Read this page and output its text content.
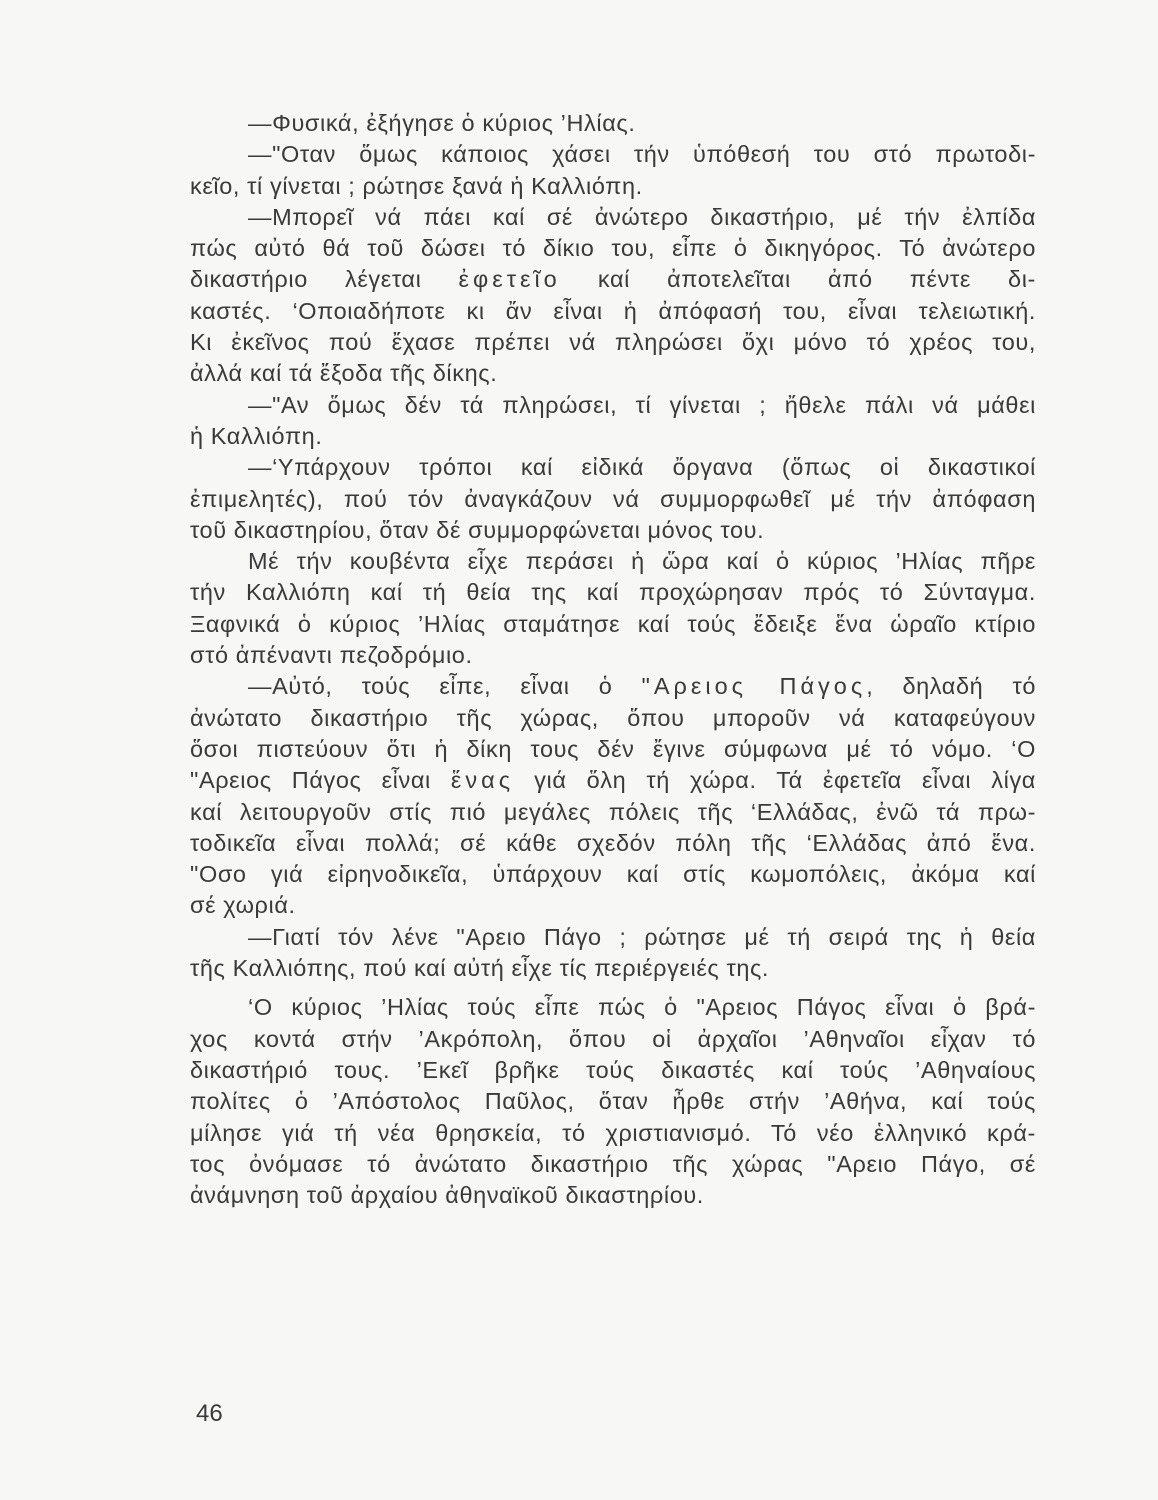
—Φυσικά, ἐξήγησε ὁ κύριος ’Ηλίας.
—"Οταν ὅμως κάποιος χάσει τήν ὑπόθεσή του στό πρωτοδι-
κεῖο, τί γίνεται ; ρώτησε ξανά ἡ Καλλιόπη.
—Μπορεῖ νά πάει καί σέ ἀνώτερο δικαστήριο, μέ τήν ἐλπίδα
πώς αὐτό θά τοῦ δώσει τό δίκιο του, εἶπε ὁ δικηγόρος. Τό ἀνώτερο
δικαστήριο λέγεται ἐφετεῖο καί ἀποτελεῖται ἀπό πέντε δι-
καστές. ‘Οποιαδήποτε κι ἄν εἶναι ἡ ἀπόφασή του, εἶναι τελειωτική.
Κι ἐκεῖνος πού ἔχασε πρέπει νά πληρώσει ὄχι μόνο τό χρέος του,
ἀλλά καί τά ἔξοδα τῆς δίκης.
—"Αν ὅμως δέν τά πληρώσει, τί γίνεται ; ἤθελε πάλι νά μάθει
ἡ Καλλιόπη.
—‘Υπάρχουν τρόποι καί εἰδικά ὄργανα (ὅπως οἱ δικαστικοί
ἐπιμελητές), πού τόν ἀναγκάζουν νά συμμορφωθεῖ μέ τήν ἀπόφαση
τοῦ δικαστηρίου, ὅταν δέ συμμορφώνεται μόνος του.
Μέ τήν κουβέντα εἶχε περάσει ἡ ὥρα καί ὁ κύριος ’Ηλίας πῆρε
τήν Καλλιόπη καί τή θεία της καί προχώρησαν πρός τό Σύνταγμα.
Ξαφνικά ὁ κύριος ’Ηλίας σταμάτησε καί τούς ἔδειξε ἕνα ὡραῖο κτίριο
στό ἀπέναντι πεζοδρόμιο.
—Αὐτό, τούς εἶπε, εἶναι ὁ "Αρειος Πάγος, δηλαδή τό
ἀνώτατο δικαστήριο τῆς χώρας, ὅπου μποροῦν νά καταφεύγουν
ὅσοι πιστεύουν ὅτι ἡ δίκη τους δέν ἔγινε σύμφωνα μέ τό νόμο. ‘Ο
"Αρειος Πάγος εἶναι ἕνας γιά ὅλη τή χώρα. Τά ἐφετεῖα εἶναι λίγα
καί λειτουργοῦν στίς πιό μεγάλες πόλεις τῆς ‘Ελλάδας, ἐνῶ τά πρω-
τοδικεῖα εἶναι πολλά; σέ κάθε σχεδόν πόλη τῆς ‘Ελλάδας ἀπό ἕνα.
"Οσο γιά εἰρηνοδικεῖα, ὑπάρχουν καί στίς κωμοπόλεις, ἀκόμα καί
σέ χωριά.
—Γιατί τόν λένε "Αρειο Πάγο ; ρώτησε μέ τή σειρά της ἡ θεία
τῆς Καλλιόπης, πού καί αὐτή εἶχε τίς περιέργειές της.
‘Ο κύριος ’Ηλίας τούς εἶπε πώς ὁ "Αρειος Πάγος εἶναι ὁ βρά-
χος κοντά στήν ’Ακρόπολη, ὅπου οἱ ἀρχαῖοι ’Αθηναῖοι εἶχαν τό
δικαστήριό τους. ’Εκεῖ βρῆκε τούς δικαστές καί τούς ’Αθηναίους
πολίτες ὁ ’Απόστολος Παῦλος, ὅταν ἦρθε στήν ’Αθήνα, καί τούς
μίλησε γιά τή νέα θρησκεία, τό χριστιανισμό. Τό νέο ἑλληνικό κρά-
τος ὀνόμασε τό ἀνώτατο δικαστήριο τῆς χώρας "Αρειο Πάγο, σέ
ἀνάμνηση τοῦ ἀρχαίου ἀθηναϊκοῦ δικαστηρίου.
46
